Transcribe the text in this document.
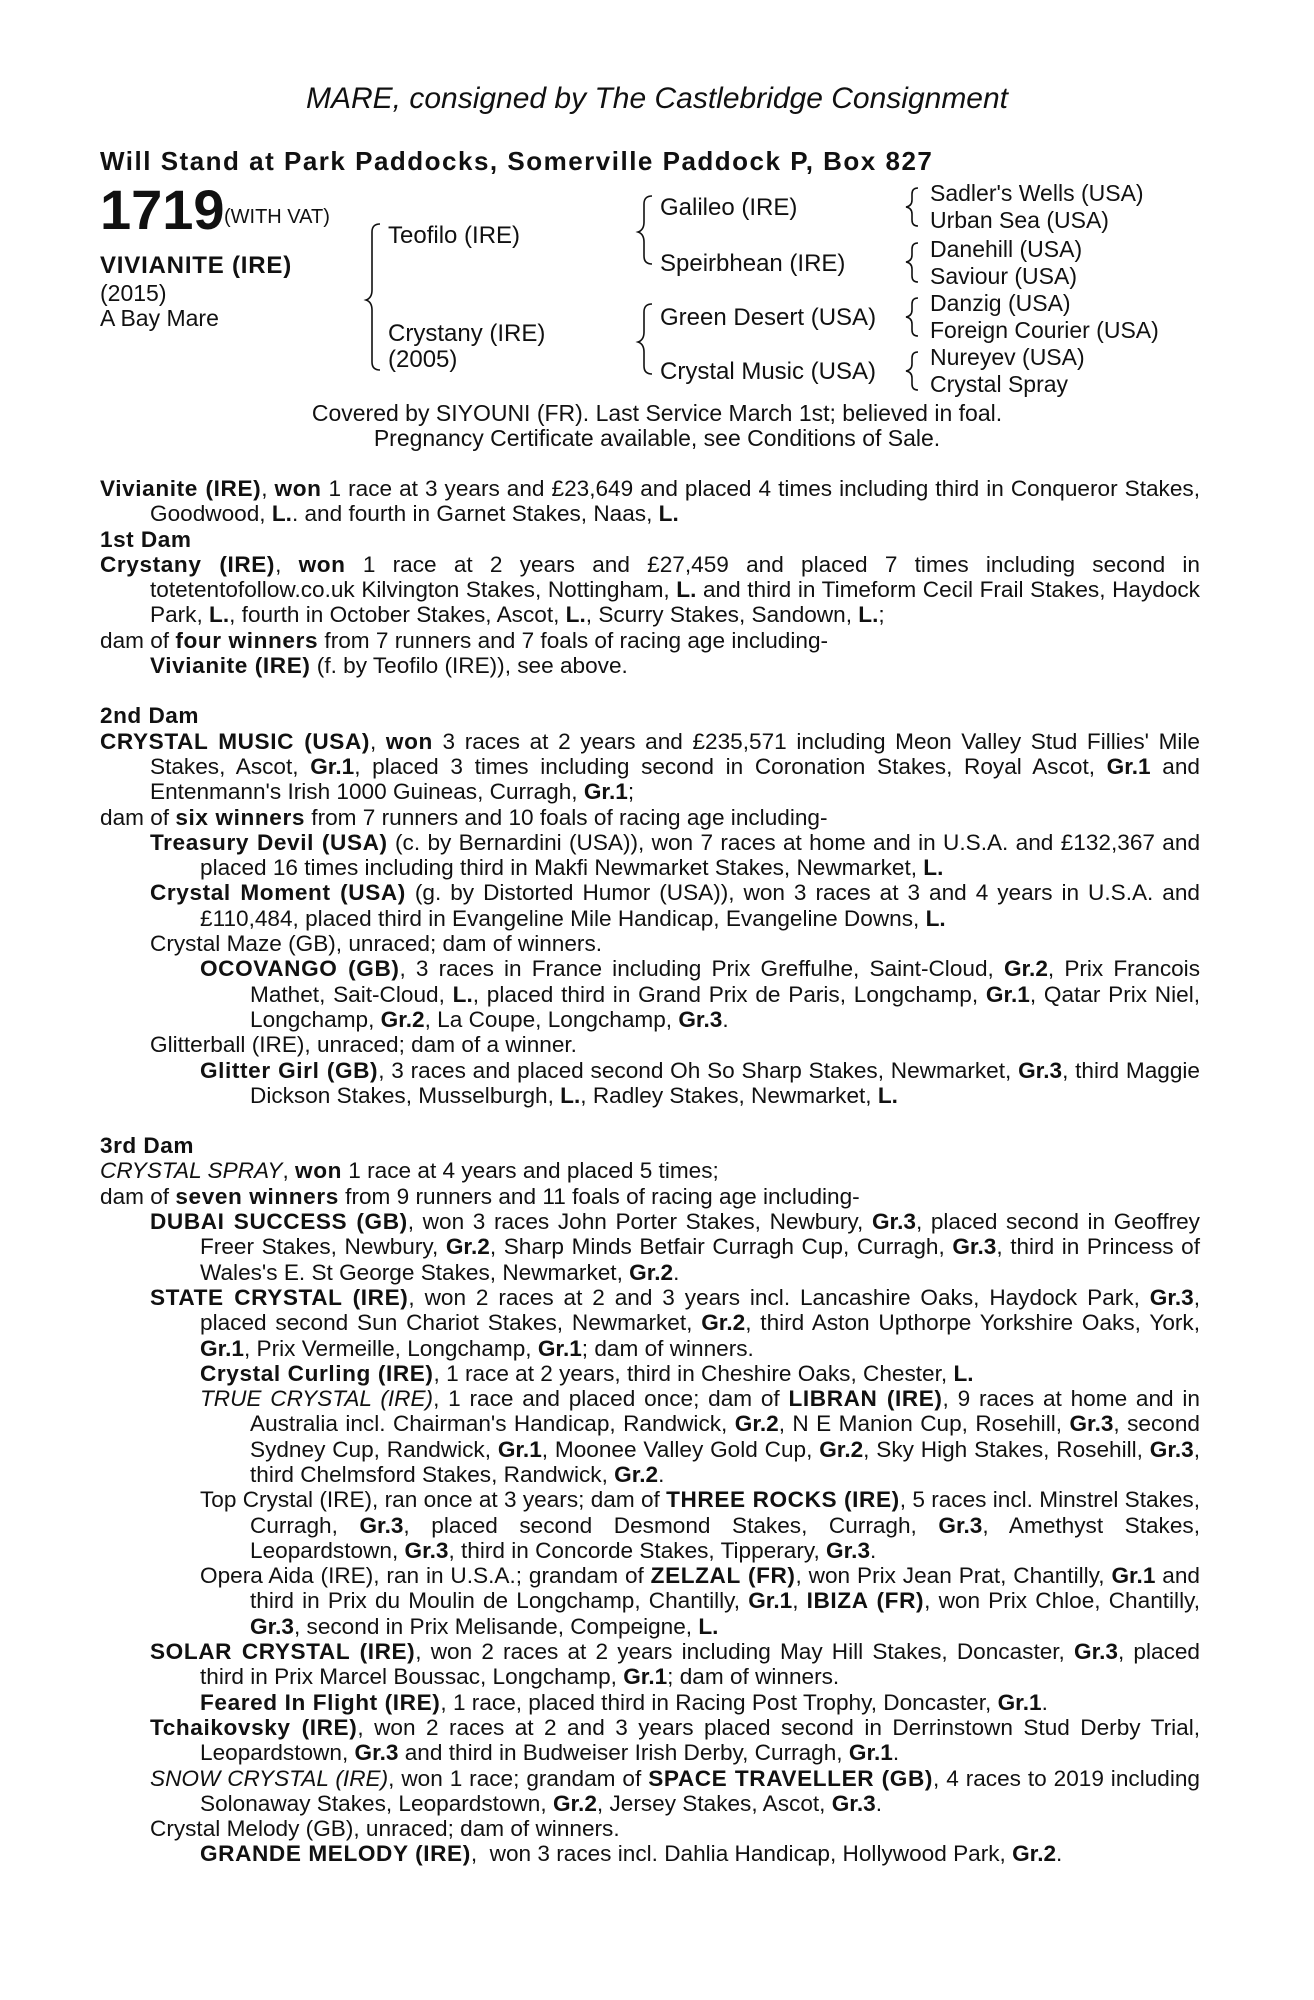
MARE, consigned by The Castlebridge Consignment
Will Stand at Park Paddocks, Somerville Paddock P, Box 827
1719 (WITH VAT)
VIVIANITE (IRE)
(2015)
A Bay Mare
Teofilo (IRE)
Crystany (IRE)
(2005)
Galileo (IRE)
Speirbhean (IRE)
Green Desert (USA)
Crystal Music (USA)
Sadler's Wells (USA)
Urban Sea (USA)
Danehill (USA)
Saviour (USA)
Danzig (USA)
Foreign Courier (USA)
Nureyev (USA)
Crystal Spray
Covered by SIYOUNI (FR). Last Service March 1st; believed in foal.
Pregnancy Certificate available, see Conditions of Sale.

Vivianite (IRE), won 1 race at 3 years and £23,649 and placed 4 times including third in Conqueror Stakes, Goodwood, L.. and fourth in Garnet Stakes, Naas, L.

1st Dam

Crystany (IRE), won 1 race at 2 years and £27,459 and placed 7 times including second in totetentofollow.co.uk Kilvington Stakes, Nottingham, L. and third in Timeform Cecil Frail Stakes, Haydock Park, L., fourth in October Stakes, Ascot, L., Scurry Stakes, Sandown, L.;

dam of four winners from 7 runners and 7 foals of racing age including-

Vivianite (IRE) (f. by Teofilo (IRE)), see above.

2nd Dam

CRYSTAL MUSIC (USA), won 3 races at 2 years and £235,571 including Meon Valley Stud Fillies' Mile Stakes, Ascot, Gr.1, placed 3 times including second in Coronation Stakes, Royal Ascot, Gr.1 and Entenmann's Irish 1000 Guineas, Curragh, Gr.1;

dam of six winners from 7 runners and 10 foals of racing age including-

Treasury Devil (USA) (c. by Bernardini (USA)), won 7 races at home and in U.S.A. and £132,367 and placed 16 times including third in Makfi Newmarket Stakes, Newmarket, L.

Crystal Moment (USA) (g. by Distorted Humor (USA)), won 3 races at 3 and 4 years in U.S.A. and £110,484, placed third in Evangeline Mile Handicap, Evangeline Downs, L.

Crystal Maze (GB), unraced; dam of winners.

OCOVANGO (GB), 3 races in France including Prix Greffulhe, Saint-Cloud, Gr.2, Prix Francois Mathet, Sait-Cloud, L., placed third in Grand Prix de Paris, Longchamp, Gr.1, Qatar Prix Niel, Longchamp, Gr.2, La Coupe, Longchamp, Gr.3.

Glitterball (IRE), unraced; dam of a winner.

Glitter Girl (GB), 3 races and placed second Oh So Sharp Stakes, Newmarket, Gr.3, third Maggie Dickson Stakes, Musselburgh, L., Radley Stakes, Newmarket, L.

3rd Dam

CRYSTAL SPRAY, won 1 race at 4 years and placed 5 times;

dam of seven winners from 9 runners and 11 foals of racing age including-

DUBAI SUCCESS (GB), won 3 races John Porter Stakes, Newbury, Gr.3, placed second in Geoffrey Freer Stakes, Newbury, Gr.2, Sharp Minds Betfair Curragh Cup, Curragh, Gr.3, third in Princess of Wales's E. St George Stakes, Newmarket, Gr.2.

STATE CRYSTAL (IRE), won 2 races at 2 and 3 years incl. Lancashire Oaks, Haydock Park, Gr.3, placed second Sun Chariot Stakes, Newmarket, Gr.2, third Aston Upthorpe Yorkshire Oaks, York, Gr.1, Prix Vermeille, Longchamp, Gr.1; dam of winners.

Crystal Curling (IRE), 1 race at 2 years, third in Cheshire Oaks, Chester, L.

TRUE CRYSTAL (IRE), 1 race and placed once; dam of LIBRAN (IRE), 9 races at home and in Australia incl. Chairman's Handicap, Randwick, Gr.2, N E Manion Cup, Rosehill, Gr.3, second Sydney Cup, Randwick, Gr.1, Moonee Valley Gold Cup, Gr.2, Sky High Stakes, Rosehill, Gr.3, third Chelmsford Stakes, Randwick, Gr.2.

Top Crystal (IRE), ran once at 3 years; dam of THREE ROCKS (IRE), 5 races incl. Minstrel Stakes, Curragh, Gr.3, placed second Desmond Stakes, Curragh, Gr.3, Amethyst Stakes, Leopardstown, Gr.3, third in Concorde Stakes, Tipperary, Gr.3.

Opera Aida (IRE), ran in U.S.A.; grandam of ZELZAL (FR), won Prix Jean Prat, Chantilly, Gr.1 and third in Prix du Moulin de Longchamp, Chantilly, Gr.1, IBIZA (FR), won Prix Chloe, Chantilly, Gr.3, second in Prix Melisande, Compeigne, L.

SOLAR CRYSTAL (IRE), won 2 races at 2 years including May Hill Stakes, Doncaster, Gr.3, placed third in Prix Marcel Boussac, Longchamp, Gr.1; dam of winners.

Feared In Flight (IRE), 1 race, placed third in Racing Post Trophy, Doncaster, Gr.1.

Tchaikovsky (IRE), won 2 races at 2 and 3 years placed second in Derrinstown Stud Derby Trial, Leopardstown, Gr.3 and third in Budweiser Irish Derby, Curragh, Gr.1.

SNOW CRYSTAL (IRE), won 1 race; grandam of SPACE TRAVELLER (GB), 4 races to 2019 including Solonaway Stakes, Leopardstown, Gr.2, Jersey Stakes, Ascot, Gr.3.

Crystal Melody (GB), unraced; dam of winners.

GRANDE MELODY (IRE),  won 3 races incl. Dahlia Handicap, Hollywood Park, Gr.2.
